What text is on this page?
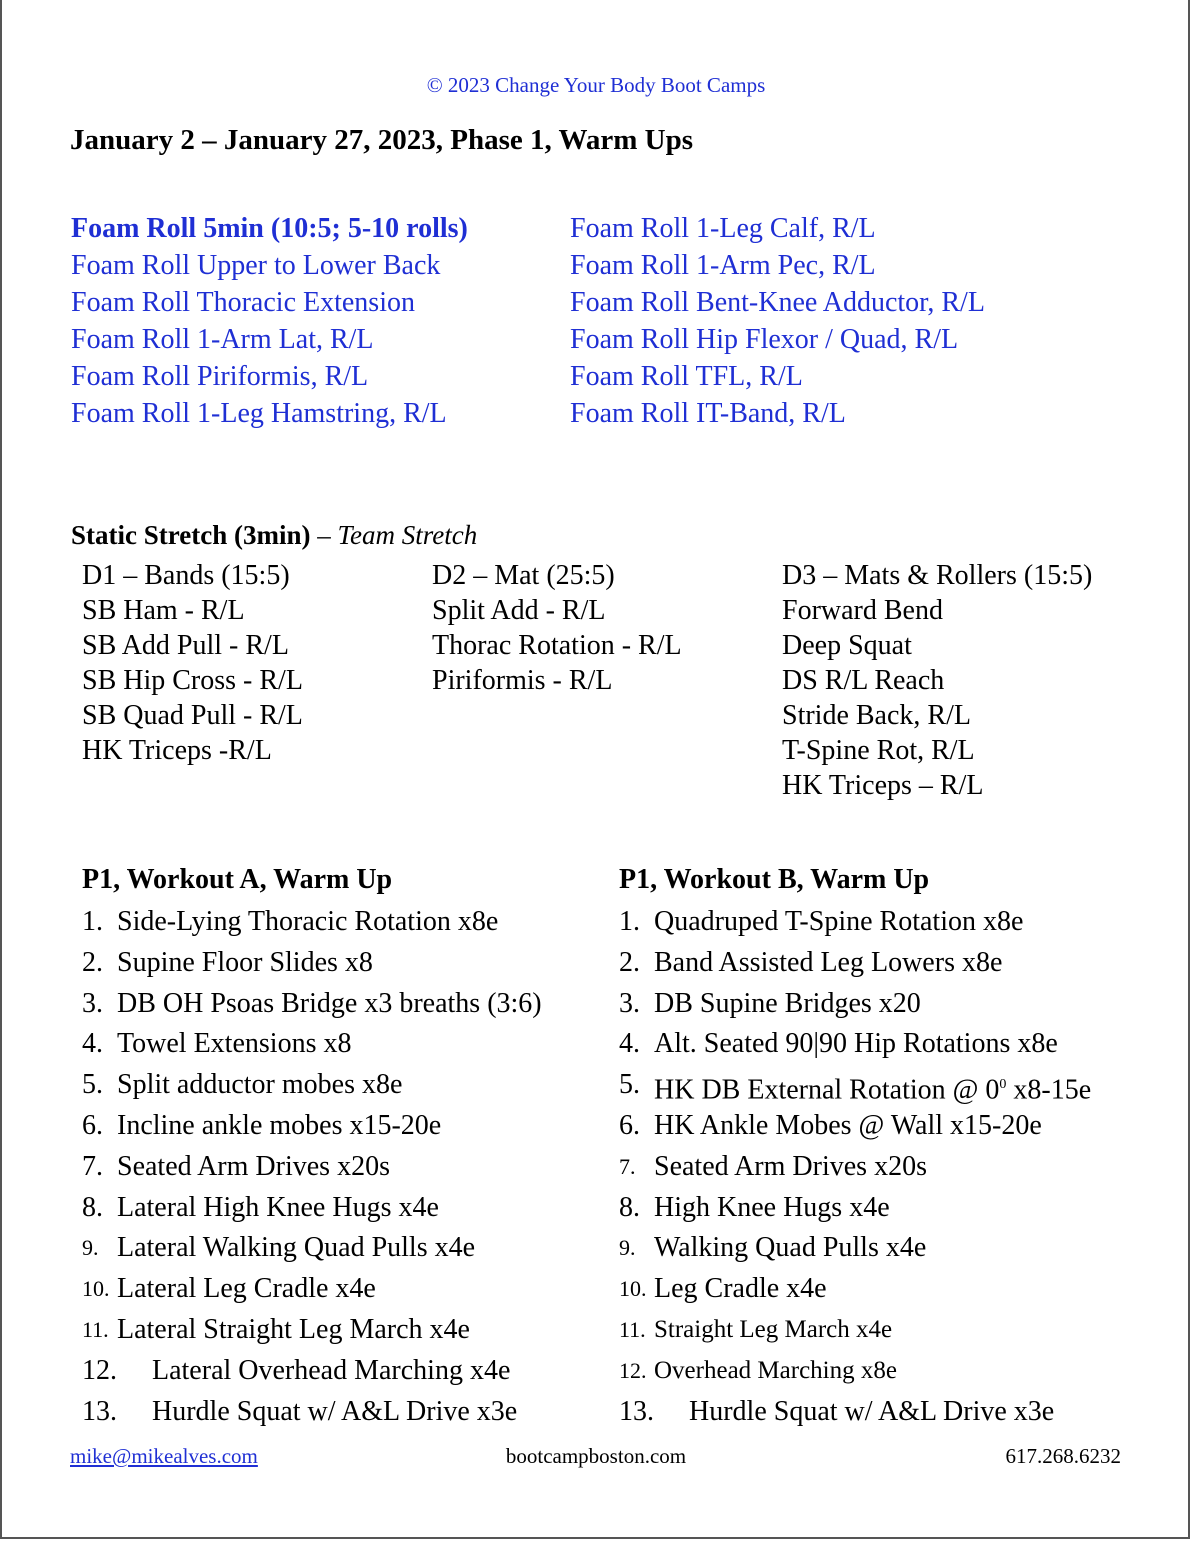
© 2023 Change Your Body Boot Camps
January 2 – January 27, 2023, Phase 1, Warm Ups
Foam Roll 5min (10:5; 5-10 rolls)
Foam Roll Upper to Lower Back
Foam Roll Thoracic Extension
Foam Roll 1-Arm Lat, R/L
Foam Roll Piriformis, R/L
Foam Roll 1-Leg Hamstring, R/L
Foam Roll 1-Leg Calf, R/L
Foam Roll 1-Arm Pec, R/L
Foam Roll Bent-Knee Adductor, R/L
Foam Roll Hip Flexor / Quad, R/L
Foam Roll TFL, R/L
Foam Roll IT-Band, R/L
Static Stretch (3min) – Team Stretch
D1 – Bands (15:5)
SB Ham - R/L
SB Add Pull - R/L
SB Hip Cross - R/L
SB Quad Pull - R/L
HK Triceps -R/L
D2 – Mat (25:5)
Split Add - R/L
Thorac Rotation - R/L
Piriformis - R/L
D3 – Mats & Rollers (15:5)
Forward Bend
Deep Squat
DS R/L Reach
Stride Back, R/L
T-Spine Rot, R/L
HK Triceps – R/L
P1, Workout A, Warm Up
1. Side-Lying Thoracic Rotation x8e
2. Supine Floor Slides x8
3. DB OH Psoas Bridge x3 breaths (3:6)
4. Towel Extensions x8
5. Split adductor mobes x8e
6. Incline ankle mobes x15-20e
7. Seated Arm Drives x20s
8. Lateral High Knee Hugs x4e
9. Lateral Walking Quad Pulls x4e
10. Lateral Leg Cradle x4e
11. Lateral Straight Leg March x4e
12. Lateral Overhead Marching x4e
13. Hurdle Squat w/ A&L Drive x3e
P1, Workout B, Warm Up
1. Quadruped T-Spine Rotation x8e
2. Band Assisted Leg Lowers x8e
3. DB Supine Bridges x20
4. Alt. Seated 90|90 Hip Rotations x8e
5. HK DB External Rotation @ $0^0$ x8-15e
6. HK Ankle Mobes @ Wall x15-20e
7. Seated Arm Drives x20s
8. High Knee Hugs x4e
9. Walking Quad Pulls x4e
10. Leg Cradle x4e
11. Straight Leg March x4e
12. Overhead Marching x8e
13. Hurdle Squat w/ A&L Drive x3e
mike@mikealves.com	bootcampboston.com	617.268.6232
